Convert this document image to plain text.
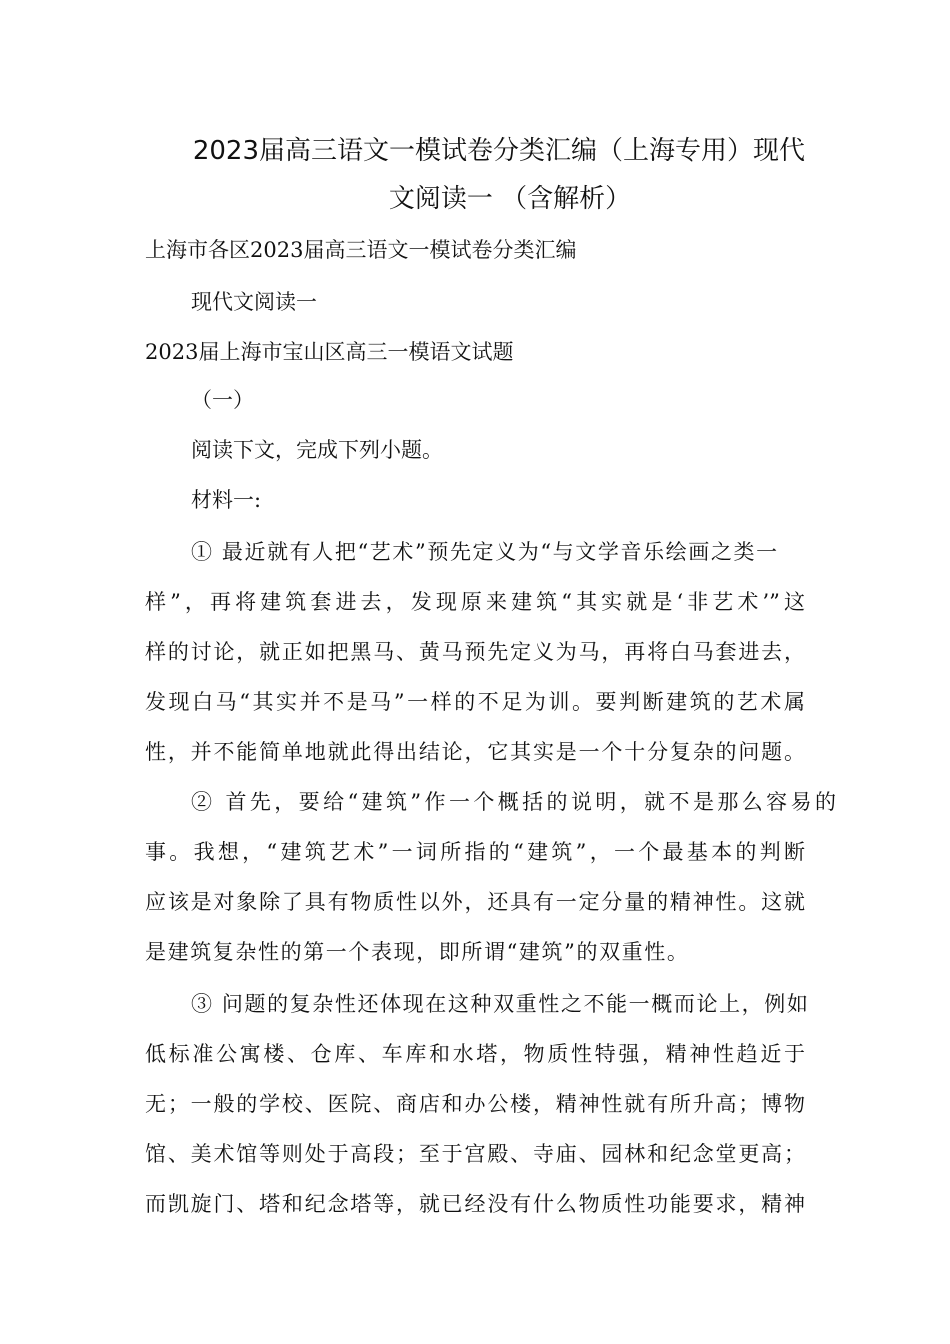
2023届高三语文一模试卷分类汇编（上海专用）现代
文阅读一 （含解析）

上海市各区2023届高三语文一模试卷分类汇编

现代文阅读一

2023届上海市宝山区高三一模语文试题

（一）

阅读下文，完成下列小题。

材料一:

① 最近就有人把“艺术”预先定义为“与文学音乐绘画之类一

样”，再将建筑套进去，发现原来建筑“其实就是‘非艺术’”这

样的讨论，就正如把黑马、黄马预先定义为马，再将白马套进去，

发现白马“其实并不是马”一样的不足为训。要判断建筑的艺术属

性，并不能简单地就此得出结论，它其实是一个十分复杂的问题。

② 首先，要给“建筑”作一个概括的说明，就不是那么容易的

事。我想，“建筑艺术”一词所指的“建筑”，一个最基本的判断

应该是对象除了具有物质性以外，还具有一定分量的精神性。这就

是建筑复杂性的第一个表现，即所谓“建筑”的双重性。

③ 问题的复杂性还体现在这种双重性之不能一概而论上，例如

低标准公寓楼、仓库、车库和水塔，物质性特强，精神性趋近于

无；一般的学校、医院、商店和办公楼，精神性就有所升高；博物

馆、美术馆等则处于高段；至于宫殿、寺庙、园林和纪念堂更高；

而凯旋门、塔和纪念塔等，就已经没有什么物质性功能要求，精神
